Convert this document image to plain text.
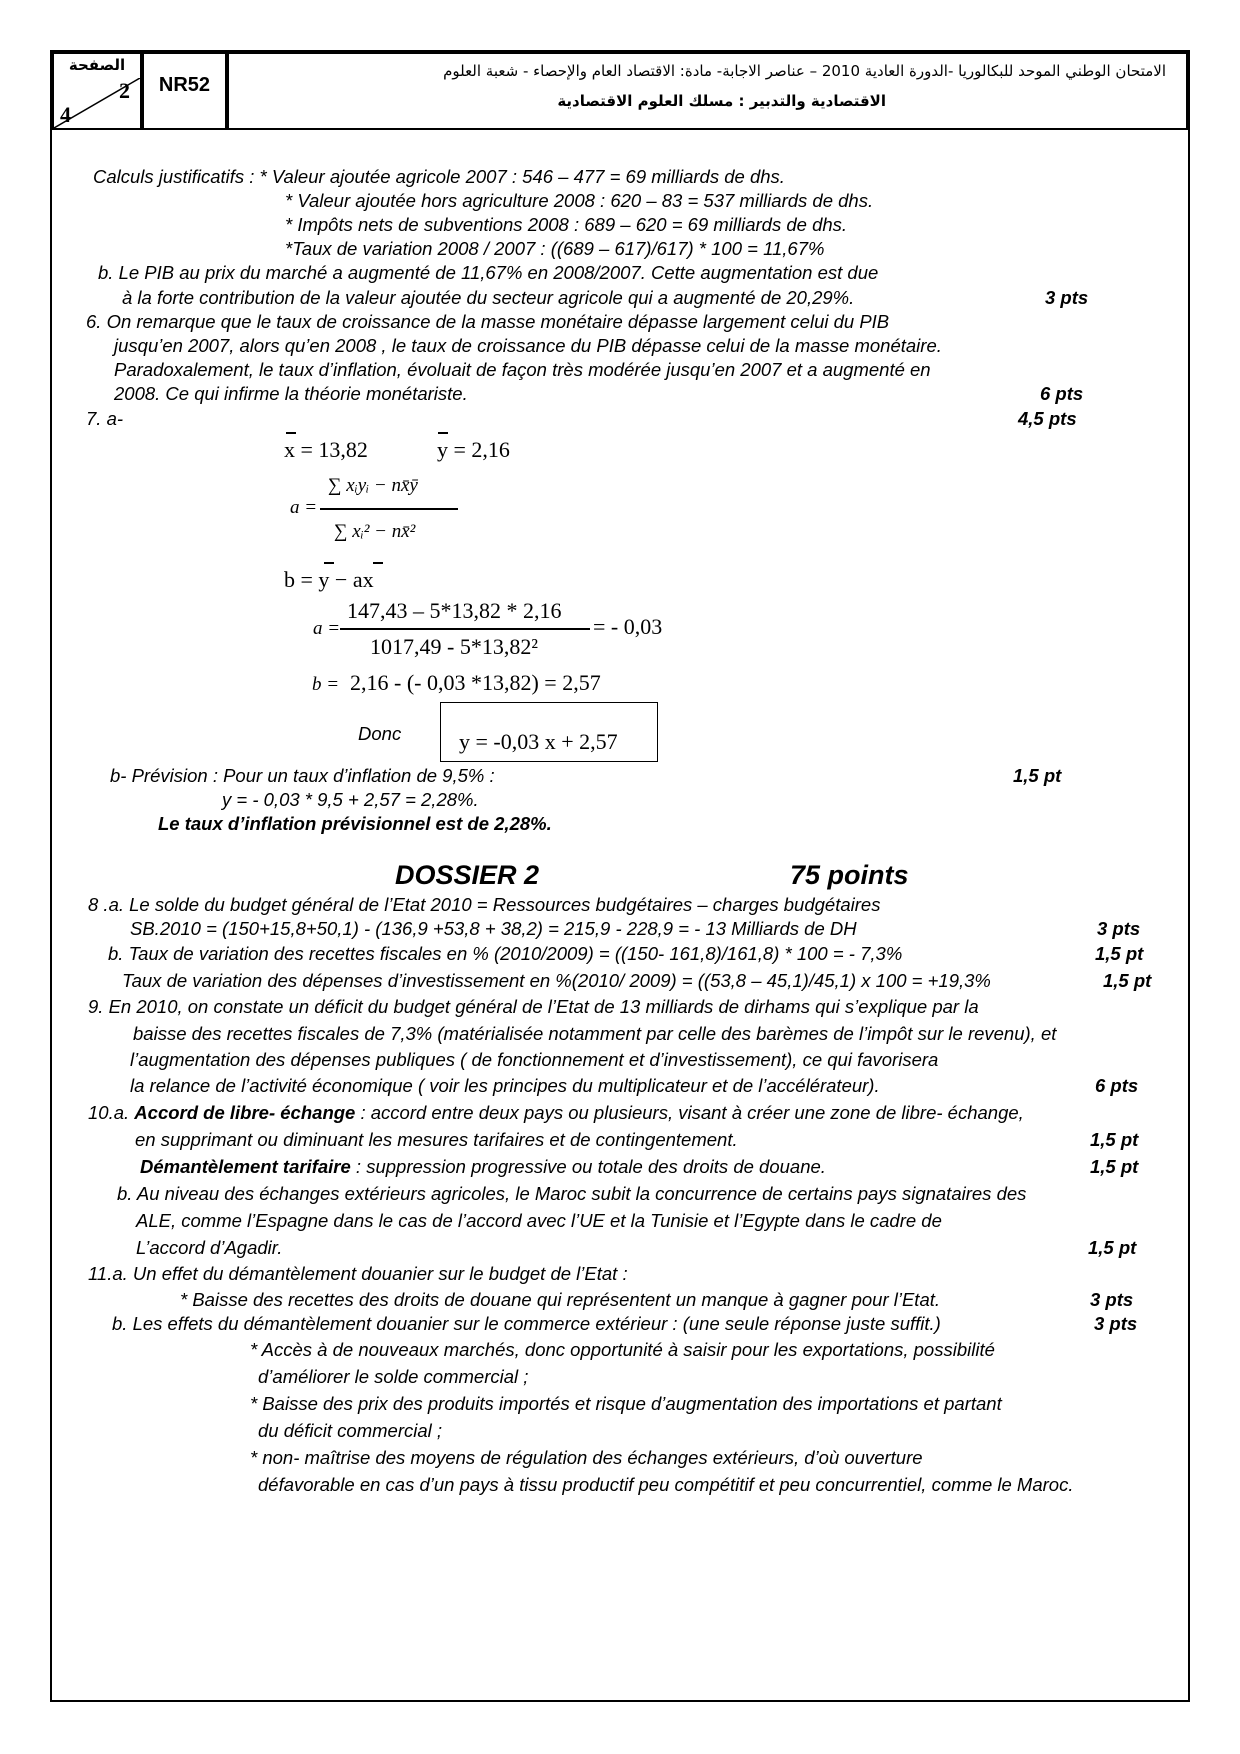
الصفحة
2
4
NR52
الامتحان الوطني الموحد للبكالوريا -الدورة العادية 2010 – عناصر الاجابة- مادة: الاقتصاد العام والإحصاء - شعبة العلوم
الاقتصادية والتدبير : مسلك العلوم الاقتصادية
Calculs justificatifs : * Valeur ajoutée agricole 2007 : 546 – 477 = 69 milliards de dhs.
* Valeur ajoutée hors agriculture 2008 : 620 – 83 = 537 milliards de dhs.
* Impôts nets de subventions 2008 : 689 – 620 = 69 milliards de dhs.
*Taux de variation 2008 / 2007 : ((689 – 617)/617) * 100 = 11,67%
b. Le PIB au prix du marché a augmenté de 11,67% en 2008/2007. Cette augmentation est due
à la forte contribution de la valeur ajoutée du secteur agricole qui a augmenté de 20,29%.	3 pts
6. On remarque que le taux de croissance de la masse monétaire dépasse largement celui du PIB
jusqu’en 2007, alors qu’en 2008 , le taux de croissance du PIB dépasse celui de la masse monétaire.
Paradoxalement, le taux d’inflation, évoluait de façon très modérée jusqu’en 2007 et a augmenté en
2008. Ce qui infirme la théorie monétariste.	6 pts
7. a-	4,5 pts
x = 13,82	y = 2,16
a =
∑ xᵢyᵢ − nx̄ȳ
∑ xᵢ² − nx̄²
b = y − ax
a =
147,43 – 5*13,82 * 2,16
1017,49 - 5*13,82²
= - 0,03
b = 2,16 - (- 0,03 *13,82) = 2,57
Donc	y = -0,03 x + 2,57
b- Prévision : Pour un taux d’inflation de 9,5% :	1,5 pt
y = - 0,03 * 9,5 + 2,57 = 2,28%.
Le taux d’inflation prévisionnel est de 2,28%.
DOSSIER 2	75 points
8 .a. Le solde du budget général de l’Etat 2010 = Ressources budgétaires – charges budgétaires
SB.2010 = (150+15,8+50,1) - (136,9 +53,8 + 38,2) = 215,9 - 228,9 = - 13 Milliards de DH	3 pts
b. Taux de variation des recettes fiscales en % (2010/2009) = ((150- 161,8)/161,8) * 100 = - 7,3%	1,5 pt
Taux de variation des dépenses d’investissement en %(2010/ 2009) = ((53,8 – 45,1)/45,1) x 100 = +19,3%	1,5 pt
9. En 2010, on constate un déficit du budget général de l’Etat de 13 milliards de dirhams qui s’explique par la
baisse des recettes fiscales de 7,3% (matérialisée notamment par celle des barèmes de l’impôt sur le revenu), et
l’augmentation des dépenses publiques ( de fonctionnement et d’investissement), ce qui favorisera
la relance de l’activité économique ( voir les principes du multiplicateur et de l’accélérateur).	6 pts
10.a. Accord de libre- échange : accord entre deux pays ou plusieurs, visant à créer une zone de libre- échange,
en supprimant ou diminuant les mesures tarifaires et de contingentement.	1,5 pt
Démantèlement tarifaire : suppression progressive ou totale des droits de douane.	1,5 pt
b. Au niveau des échanges extérieurs agricoles, le Maroc subit la concurrence de certains pays signataires des
ALE, comme l’Espagne dans le cas de l’accord avec l’UE et la Tunisie et l’Egypte dans le cadre de
L’accord d’Agadir.	1,5 pt
11.a. Un effet du démantèlement douanier sur le budget de l’Etat :
* Baisse des recettes des droits de douane qui représentent un manque à gagner pour l’Etat.	3 pts
b. Les effets du démantèlement douanier sur le commerce extérieur : (une seule réponse juste suffit.)	3 pts
* Accès à de nouveaux marchés, donc opportunité à saisir pour les exportations, possibilité
d’améliorer le solde commercial ;
* Baisse des prix des produits importés et risque d’augmentation des importations et partant
du déficit commercial ;
* non- maîtrise des moyens de régulation des échanges extérieurs, d’où ouverture
défavorable en cas d’un pays à tissu productif peu compétitif et peu concurrentiel, comme le Maroc.
